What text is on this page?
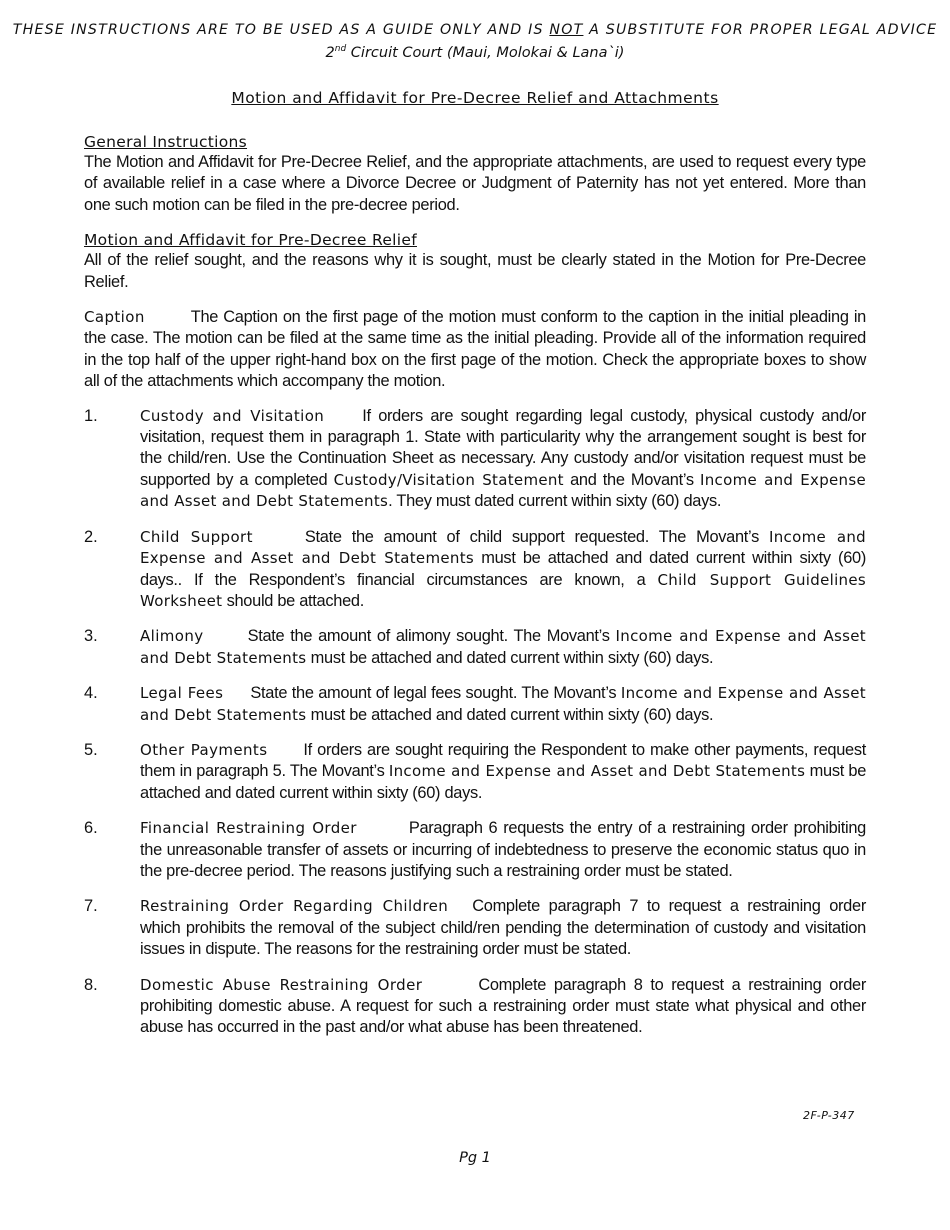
THESE INSTRUCTIONS ARE TO BE USED AS A GUIDE ONLY AND IS NOT A SUBSTITUTE FOR PROPER LEGAL ADVICE
2nd Circuit Court (Maui, Molokai & Lana`i)
Motion and Affidavit for Pre-Decree Relief and Attachments
General Instructions

The Motion and Affidavit for Pre-Decree Relief, and the appropriate attachments, are used to request every type of available relief in a case where a Divorce Decree or Judgment of Paternity has not yet entered. More than one such motion can be filed in the pre-decree period.

Motion and Affidavit for Pre-Decree Relief

All of the relief sought, and the reasons why it is sought, must be clearly stated in the Motion for Pre-Decree Relief.

Caption	The Caption on the first page of the motion must conform to the caption in the initial pleading in the case. The motion can be filed at the same time as the initial pleading. Provide all of the information required in the top half of the upper right-hand box on the first page of the motion. Check the appropriate boxes to show all of the attachments which accompany the motion.

1.	Custody and Visitation If orders are sought regarding legal custody, physical custody and/or visitation, request them in paragraph 1. State with particularity why the arrangement sought is best for the child/ren. Use the Continuation Sheet as necessary. Any custody and/or visitation request must be supported by a completed Custody/Visitation Statement and the Movant’s Income and Expense and Asset and Debt Statements. They must dated current within sixty (60) days.

2.	Child Support	State the amount of child support requested. The Movant’s Income and Expense and Asset and Debt Statements must be attached and dated current within sixty (60) days.. If the Respondent’s financial circumstances are known, a Child Support Guidelines Worksheet should be attached.

3.	Alimony	State the amount of alimony sought. The Movant’s Income and Expense and Asset and Debt Statements must be attached and dated current within sixty (60) days.

4.	Legal Fees State the amount of legal fees sought. The Movant’s Income and Expense and Asset and Debt Statements must be attached and dated current within sixty (60) days.

5.	Other Payments If orders are sought requiring the Respondent to make other payments, request them in paragraph 5. The Movant’s Income and Expense and Asset and Debt Statements must be attached and dated current within sixty (60) days.

6.	Financial Restraining Order	Paragraph 6 requests the entry of a restraining order prohibiting the unreasonable transfer of assets or incurring of indebtedness to preserve the economic status quo in the pre-decree period. The reasons justifying such a restraining order must be stated.

7.	Restraining Order Regarding Children Complete paragraph 7 to request a restraining order which prohibits the removal of the subject child/ren pending the determination of custody and visitation issues in dispute. The reasons for the restraining order must be stated.

8.	Domestic Abuse Restraining Order	Complete paragraph 8 to request a restraining order prohibiting domestic abuse. A request for such a restraining order must state what physical and other abuse has occurred in the past and/or what abuse has been threatened.

2F-P-347
Pg 1
